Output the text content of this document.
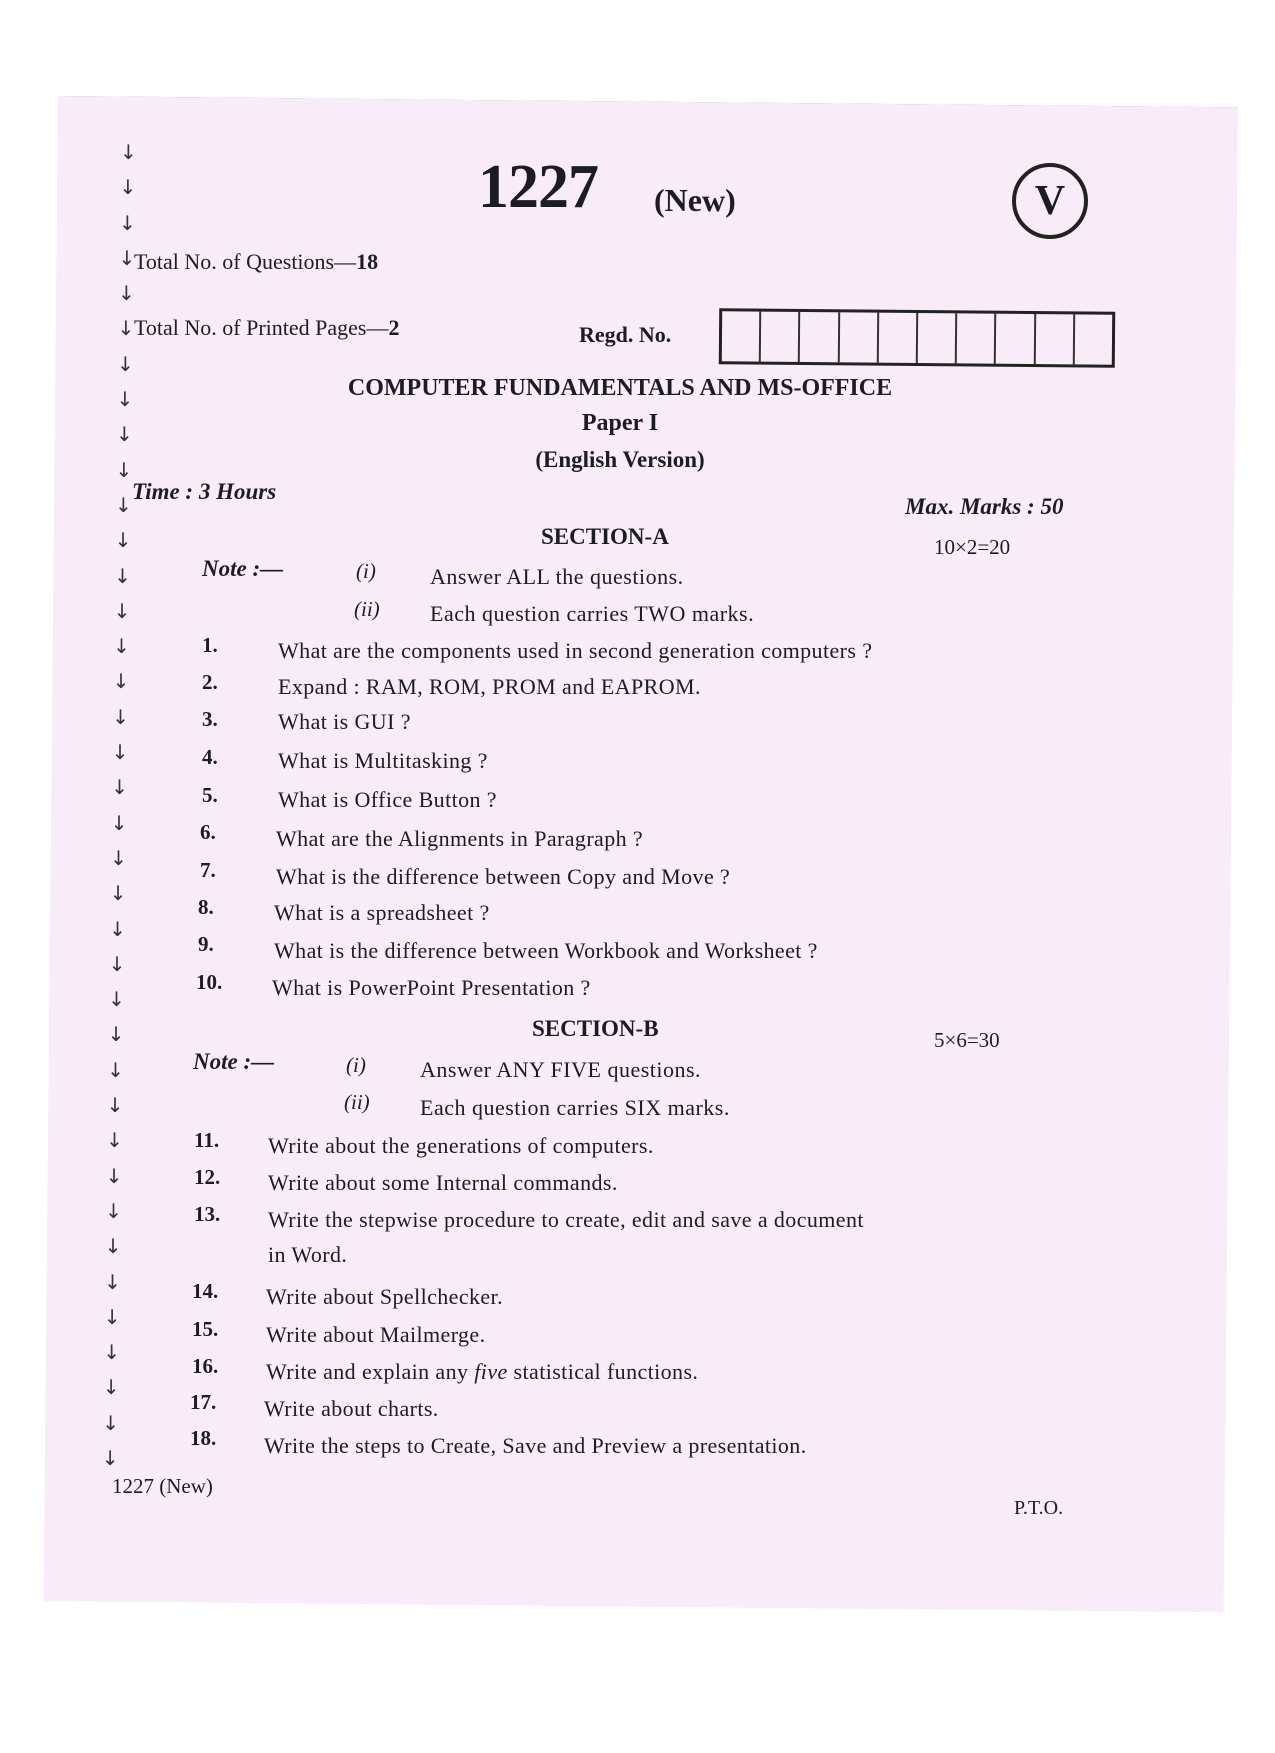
↓
↓
↓
↓
↓
↓
↓
↓
↓
↓
↓
↓
↓
↓
↓
↓
↓
↓
↓
↓
↓
↓
↓
↓
↓
↓
↓
↓
↓
↓
↓
↓
↓
↓
↓
↓
↓
↓
1227 (New)	V
Total No. of Questions—18
Total No. of Printed Pages—2	Regd. No.
COMPUTER FUNDAMENTALS AND MS-OFFICE
Paper I
(English Version)
Time : 3 Hours
Max. Marks : 50
SECTION-A	10×2=20
Note :—	(i) Answer ALL the questions.
(ii) Each question carries TWO marks.
1.	What are the components used in second generation computers ?
2.	Expand : RAM, ROM, PROM and EAPROM.
3.	What is GUI ?
4.	What is Multitasking ?
5.	What is Office Button ?
6.	What are the Alignments in Paragraph ?
7.	What is the difference between Copy and Move ?
8.	What is a spreadsheet ?
9.	What is the difference between Workbook and Worksheet ?
10. What is PowerPoint Presentation ?
SECTION-B	5×6=30
Note :—	(i) Answer ANY FIVE questions.
(ii) Each question carries SIX marks.
11. Write about the generations of computers.
12. Write about some Internal commands.
13. Write the stepwise procedure to create, edit and save a document
in Word.
14. Write about Spellchecker.
15. Write about Mailmerge.
16. Write and explain any five statistical functions.
17. Write about charts.
18. Write the steps to Create, Save and Preview a presentation.
1227 (New)
P.T.O.
